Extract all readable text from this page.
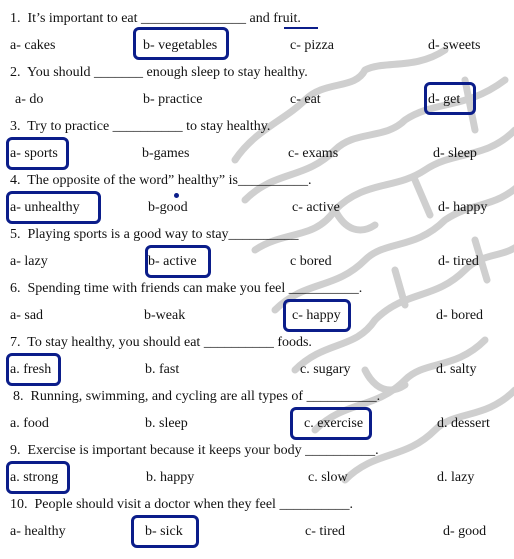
1.  It’s important to eat _______________ and fruit.
a- cakes	b- vegetables	c- pizza	d- sweets
2.  You should _______ enough sleep to stay healthy.
a- do	b- practice	c- eat	d- get
3.  Try to practice __________ to stay healthy.
a- sports	b-games	c- exams	d- sleep
4.  The opposite of the word” healthy” is__________.
a- unhealthy	b-good	c- active	d- happy
5.  Playing sports is a good way to stay__________
a- lazy	b- active	c bored	d- tired
6.  Spending time with friends can make you feel __________.
a- sad	b-weak	c- happy	d- bored
7.  To stay healthy, you should eat __________ foods.
a. fresh	b. fast	c. sugary	d. salty
8.  Running, swimming, and cycling are all types of __________.
a. food	b. sleep	c. exercise	d. dessert
9.  Exercise is important because it keeps your body __________.
a. strong	b. happy	c. slow	d. lazy
10.  People should visit a doctor when they feel __________.
a- healthy	b- sick	c- tired	d- good
